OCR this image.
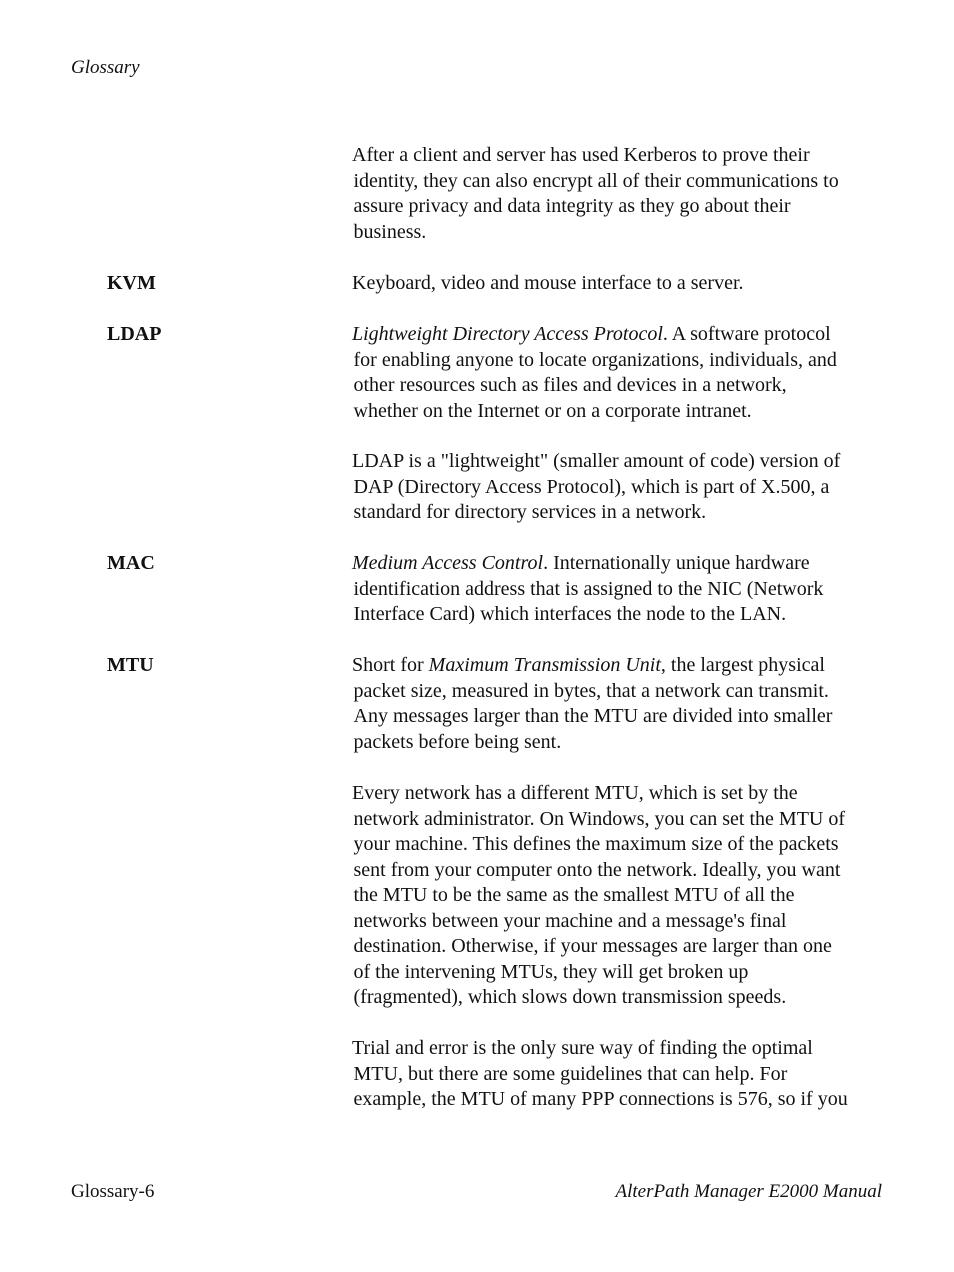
Glossary
After a client and server has used Kerberos to prove their
identity, they can also encrypt all of their communications to
assure privacy and data integrity as they go about their
business.
KVM	Keyboard, video and mouse interface to a server.
LDAP	Lightweight Directory Access Protocol. A software protocol
for enabling anyone to locate organizations, individuals, and
other resources such as files and devices in a network,
whether on the Internet or on a corporate intranet.
LDAP is a "lightweight" (smaller amount of code) version of
DAP (Directory Access Protocol), which is part of X.500, a
standard for directory services in a network.
MAC	Medium Access Control. Internationally unique hardware
identification address that is assigned to the NIC (Network
Interface Card) which interfaces the node to the LAN.
MTU	Short for Maximum Transmission Unit, the largest physical
packet size, measured in bytes, that a network can transmit.
Any messages larger than the MTU are divided into smaller
packets before being sent.
Every network has a different MTU, which is set by the
network administrator. On Windows, you can set the MTU of
your machine. This defines the maximum size of the packets
sent from your computer onto the network. Ideally, you want
the MTU to be the same as the smallest MTU of all the
networks between your machine and a message's final
destination. Otherwise, if your messages are larger than one
of the intervening MTUs, they will get broken up
(fragmented), which slows down transmission speeds.
Trial and error is the only sure way of finding the optimal
MTU, but there are some guidelines that can help. For
example, the MTU of many PPP connections is 576, so if you
Glossary-6	AlterPath Manager E2000 Manual
